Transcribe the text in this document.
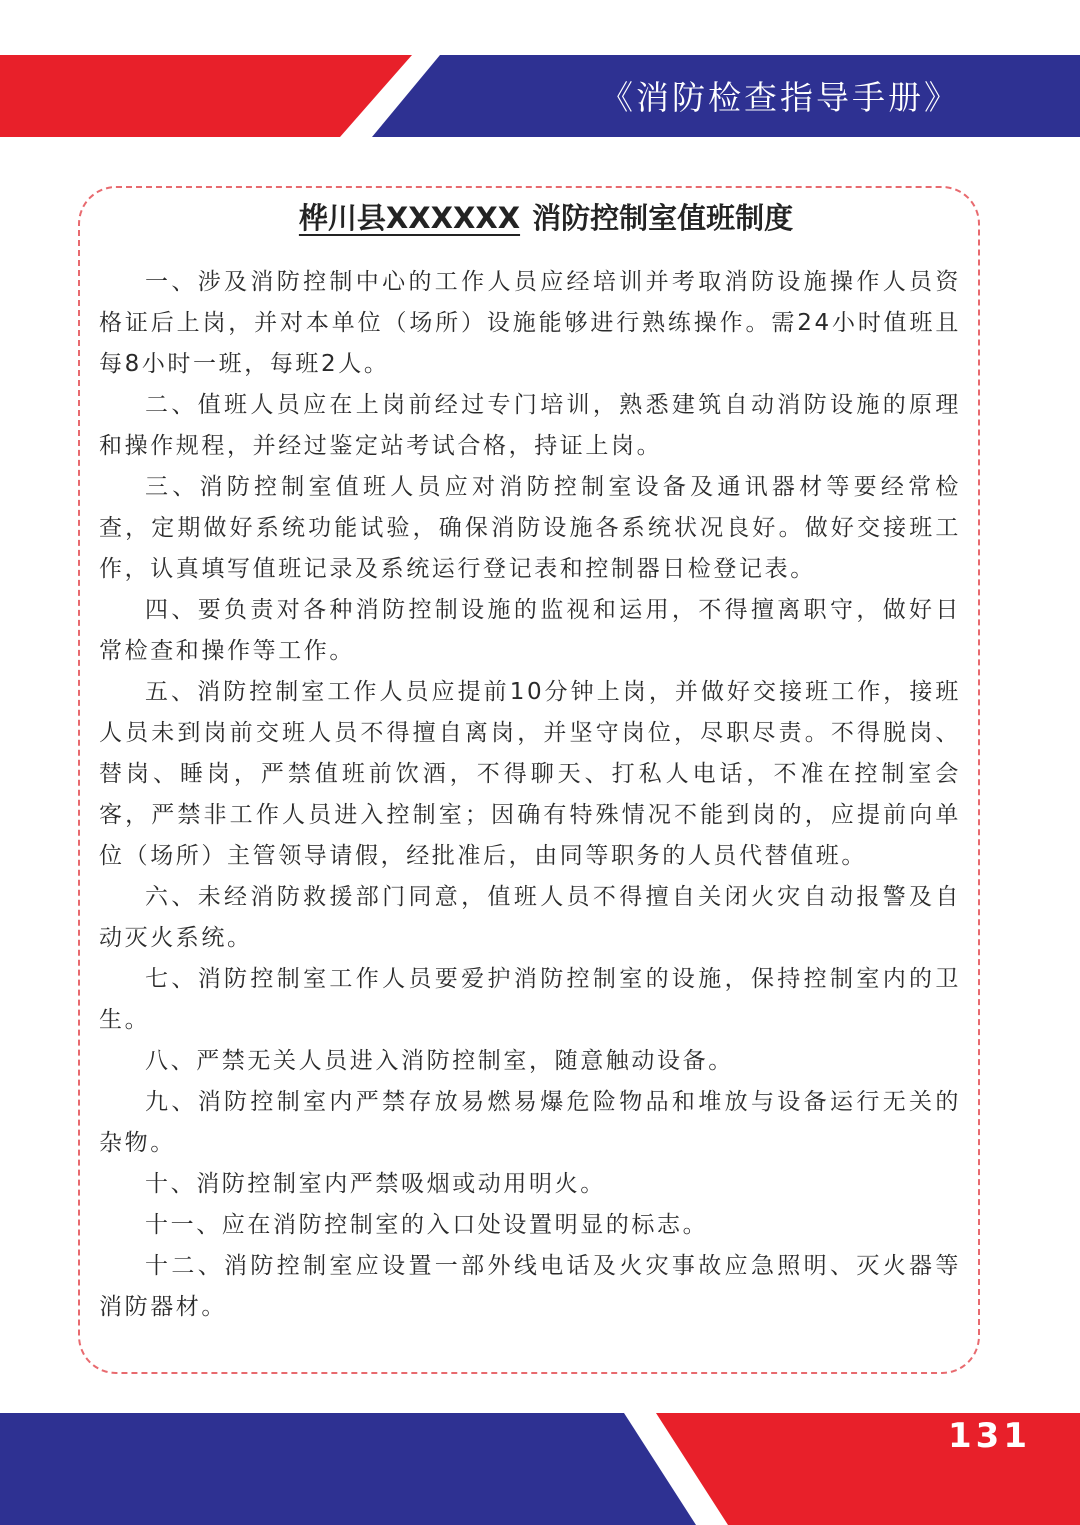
《消防检查指导手册》
桦川县XXXXXX 消防控制室值班制度

一、涉及消防控制中心的工作人员应经培训并考取消防设施操作人员资格证后上岗，并对本单位（场所）设施能够进行熟练操作。需24小时值班且每8小时一班，每班2人。

二、值班人员应在上岗前经过专门培训，熟悉建筑自动消防设施的原理和操作规程，并经过鉴定站考试合格，持证上岗。

三、消防控制室值班人员应对消防控制室设备及通讯器材等要经常检查，定期做好系统功能试验，确保消防设施各系统状况良好。做好交接班工作，认真填写值班记录及系统运行登记表和控制器日检登记表。

四、要负责对各种消防控制设施的监视和运用，不得擅离职守，做好日常检查和操作等工作。

五、消防控制室工作人员应提前10分钟上岗，并做好交接班工作，接班人员未到岗前交班人员不得擅自离岗，并坚守岗位，尽职尽责。不得脱岗、替岗、睡岗，严禁值班前饮酒，不得聊天、打私人电话，不准在控制室会客，严禁非工作人员进入控制室；因确有特殊情况不能到岗的，应提前向单位（场所）主管领导请假，经批准后，由同等职务的人员代替值班。

六、未经消防救援部门同意，值班人员不得擅自关闭火灾自动报警及自动灭火系统。

七、消防控制室工作人员要爱护消防控制室的设施，保持控制室内的卫生。

八、严禁无关人员进入消防控制室，随意触动设备。

九、消防控制室内严禁存放易燃易爆危险物品和堆放与设备运行无关的杂物。

十、消防控制室内严禁吸烟或动用明火。

十一、应在消防控制室的入口处设置明显的标志。

十二、消防控制室应设置一部外线电话及火灾事故应急照明、灭火器等消防器材。
